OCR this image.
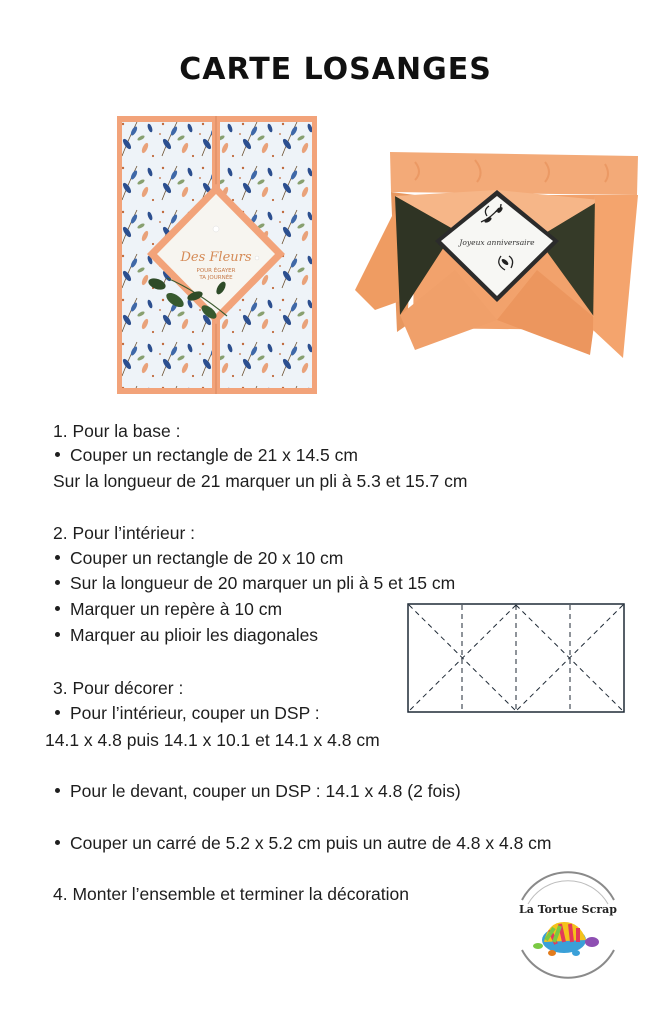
CARTE LOSANGES
Des Fleurs
POUR ÉGAYER
TA JOURNÉE
Joyeux anniversaire
1. Pour la base :
Couper un rectangle de 21 x 14.5 cm
Sur la longueur de 21 marquer un pli à 5.3 et 15.7 cm
2. Pour l’intérieur :
Couper un rectangle de 20 x 10 cm
Sur la longueur de 20 marquer un pli à 5 et 15 cm
Marquer un repère à 10 cm
Marquer au plioir les diagonales
3. Pour décorer :
Pour l’intérieur, couper un DSP :
14.1 x 4.8 puis 14.1 x 10.1 et 14.1 x 4.8 cm
Pour le devant, couper un DSP : 14.1 x 4.8 (2 fois)
Couper un carré de 5.2 x 5.2 cm puis un autre de 4.8 x 4.8 cm
4. Monter l’ensemble et terminer la décoration
La Tortue Scrap
